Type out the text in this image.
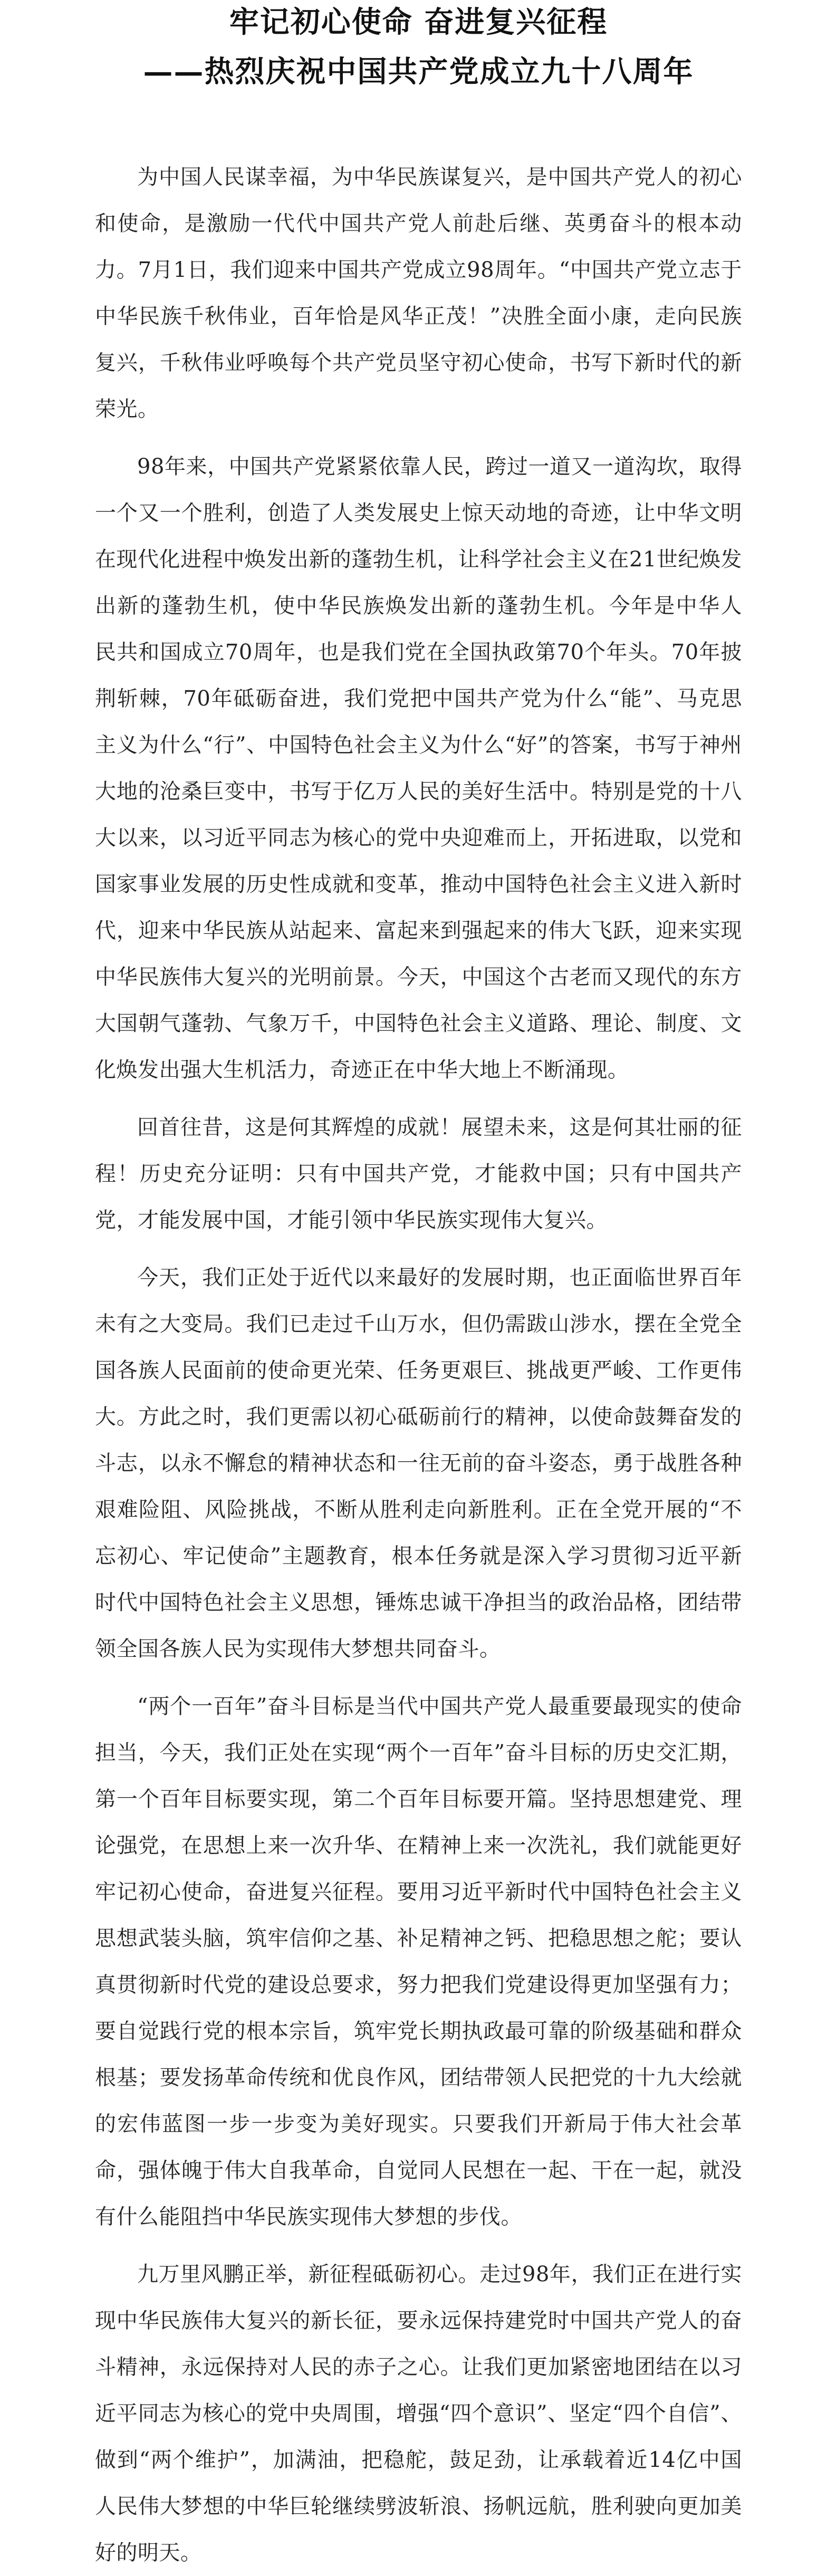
牢记初心使命 奋进复兴征程
——热烈庆祝中国共产党成立九十八周年

为中国人民谋幸福，为中华民族谋复兴，是中国共产党人的初心和使命，是激励一代代中国共产党人前赴后继、英勇奋斗的根本动力。7月1日，我们迎来中国共产党成立98周年。“中国共产党立志于中华民族千秋伟业，百年恰是风华正茂！”决胜全面小康，走向民族复兴，千秋伟业呼唤每个共产党员坚守初心使命，书写下新时代的新荣光。

98年来，中国共产党紧紧依靠人民，跨过一道又一道沟坎，取得一个又一个胜利，创造了人类发展史上惊天动地的奇迹，让中华文明在现代化进程中焕发出新的蓬勃生机，让科学社会主义在21世纪焕发出新的蓬勃生机，使中华民族焕发出新的蓬勃生机。今年是中华人 民共和国成立70周年，也是我们党在全国执政第70个年头。70年披荆斩棘，70年砥砺奋进，我们党把中国共产党为什么“能”、马克思主义为什么“行”、中国特色社会主义为什么“好”的答案，书写于神州大地的沧桑巨变中，书写于亿万人民的美好生活中。特别是党的十八大以来，以习近平同志为核心的党中央迎难而上，开拓进取，以党和国家事业发展的历史性成就和变革，推动中国特色社会主义进入新时代，迎来中华民族从站起来、富起来到强起来的伟大飞跃，迎来实现中华民族伟大复兴的光明前景。今天，中国这个古老而又现代的东方大国朝气蓬勃、气象万千，中国特色社会主义道路、理论、制度、文化焕发出强大生机活力，奇迹正在中华大地上不断涌现。

回首往昔，这是何其辉煌的成就！展望未来，这是何其壮丽的征程！历史充分证明：只有中国共产党，才能救中国；只有中国共产党，才能发展中国，才能引领中华民族实现伟大复兴。

今天，我们正处于近代以来最好的发展时期，也正面临世界百年未有之大变局。我们已走过千山万水，但仍需跋山涉水，摆在全党全国各族人民面前的使命更光荣、任务更艰巨、挑战更严峻、工作更伟大。方此之时，我们更需以初心砥砺前行的精神，以使命鼓舞奋发的斗志，以永不懈怠的精神状态和一往无前的奋斗姿态，勇于战胜各种艰难险阻、风险挑战，不断从胜利走向新胜利。正在全党开展的“不忘初心、牢记使命”主题教育，根本任务就是深入学习贯彻习近平新时代中国特色社会主义思想，锤炼忠诚干净担当的政治品格，团结带领全国各族人民为实现伟大梦想共同奋斗。

“两个一百年”奋斗目标是当代中国共产党人最重要最现实的使命担当，今天，我们正处在实现“两个一百年”奋斗目标的历史交汇期，第一个百年目标要实现，第二个百年目标要开篇。坚持思想建党、理论强党，在思想上来一次升华、在精神上来一次洗礼，我们就能更好牢记初心使命，奋进复兴征程。要用习近平新时代中国特色社会主义思想武装头脑，筑牢信仰之基、补足精神之钙、把稳思想之舵；要认真贯彻新时代党的建设总要求，努力把我们党建设得更加坚强有力；要自觉践行党的根本宗旨，筑牢党长期执政最可靠的阶级基础和群众根基；要发扬革命传统和优良作风，团结带领人民把党的十九大绘就的宏伟蓝图一步一步变为美好现实。只要我们开新局于伟大社会革命，强体魄于伟大自我革命，自觉同人民想在一起、干在一起，就没有什么能阻挡中华民族实现伟大梦想的步伐。

九万里风鹏正举，新征程砥砺初心。走过98年，我们正在进行实现中华民族伟大复兴的新长征，要永远保持建党时中国共产党人的奋斗精神，永远保持对人民的赤子之心。让我们更加紧密地团结在以习近平同志为核心的党中央周围，增强“四个意识”、坚定“四个自信”、做到“两个维护”，加满油，把稳舵，鼓足劲，让承载着近14亿中国人民伟大梦想的中华巨轮继续劈波斩浪、扬帆远航，胜利驶向更加美好的明天。
